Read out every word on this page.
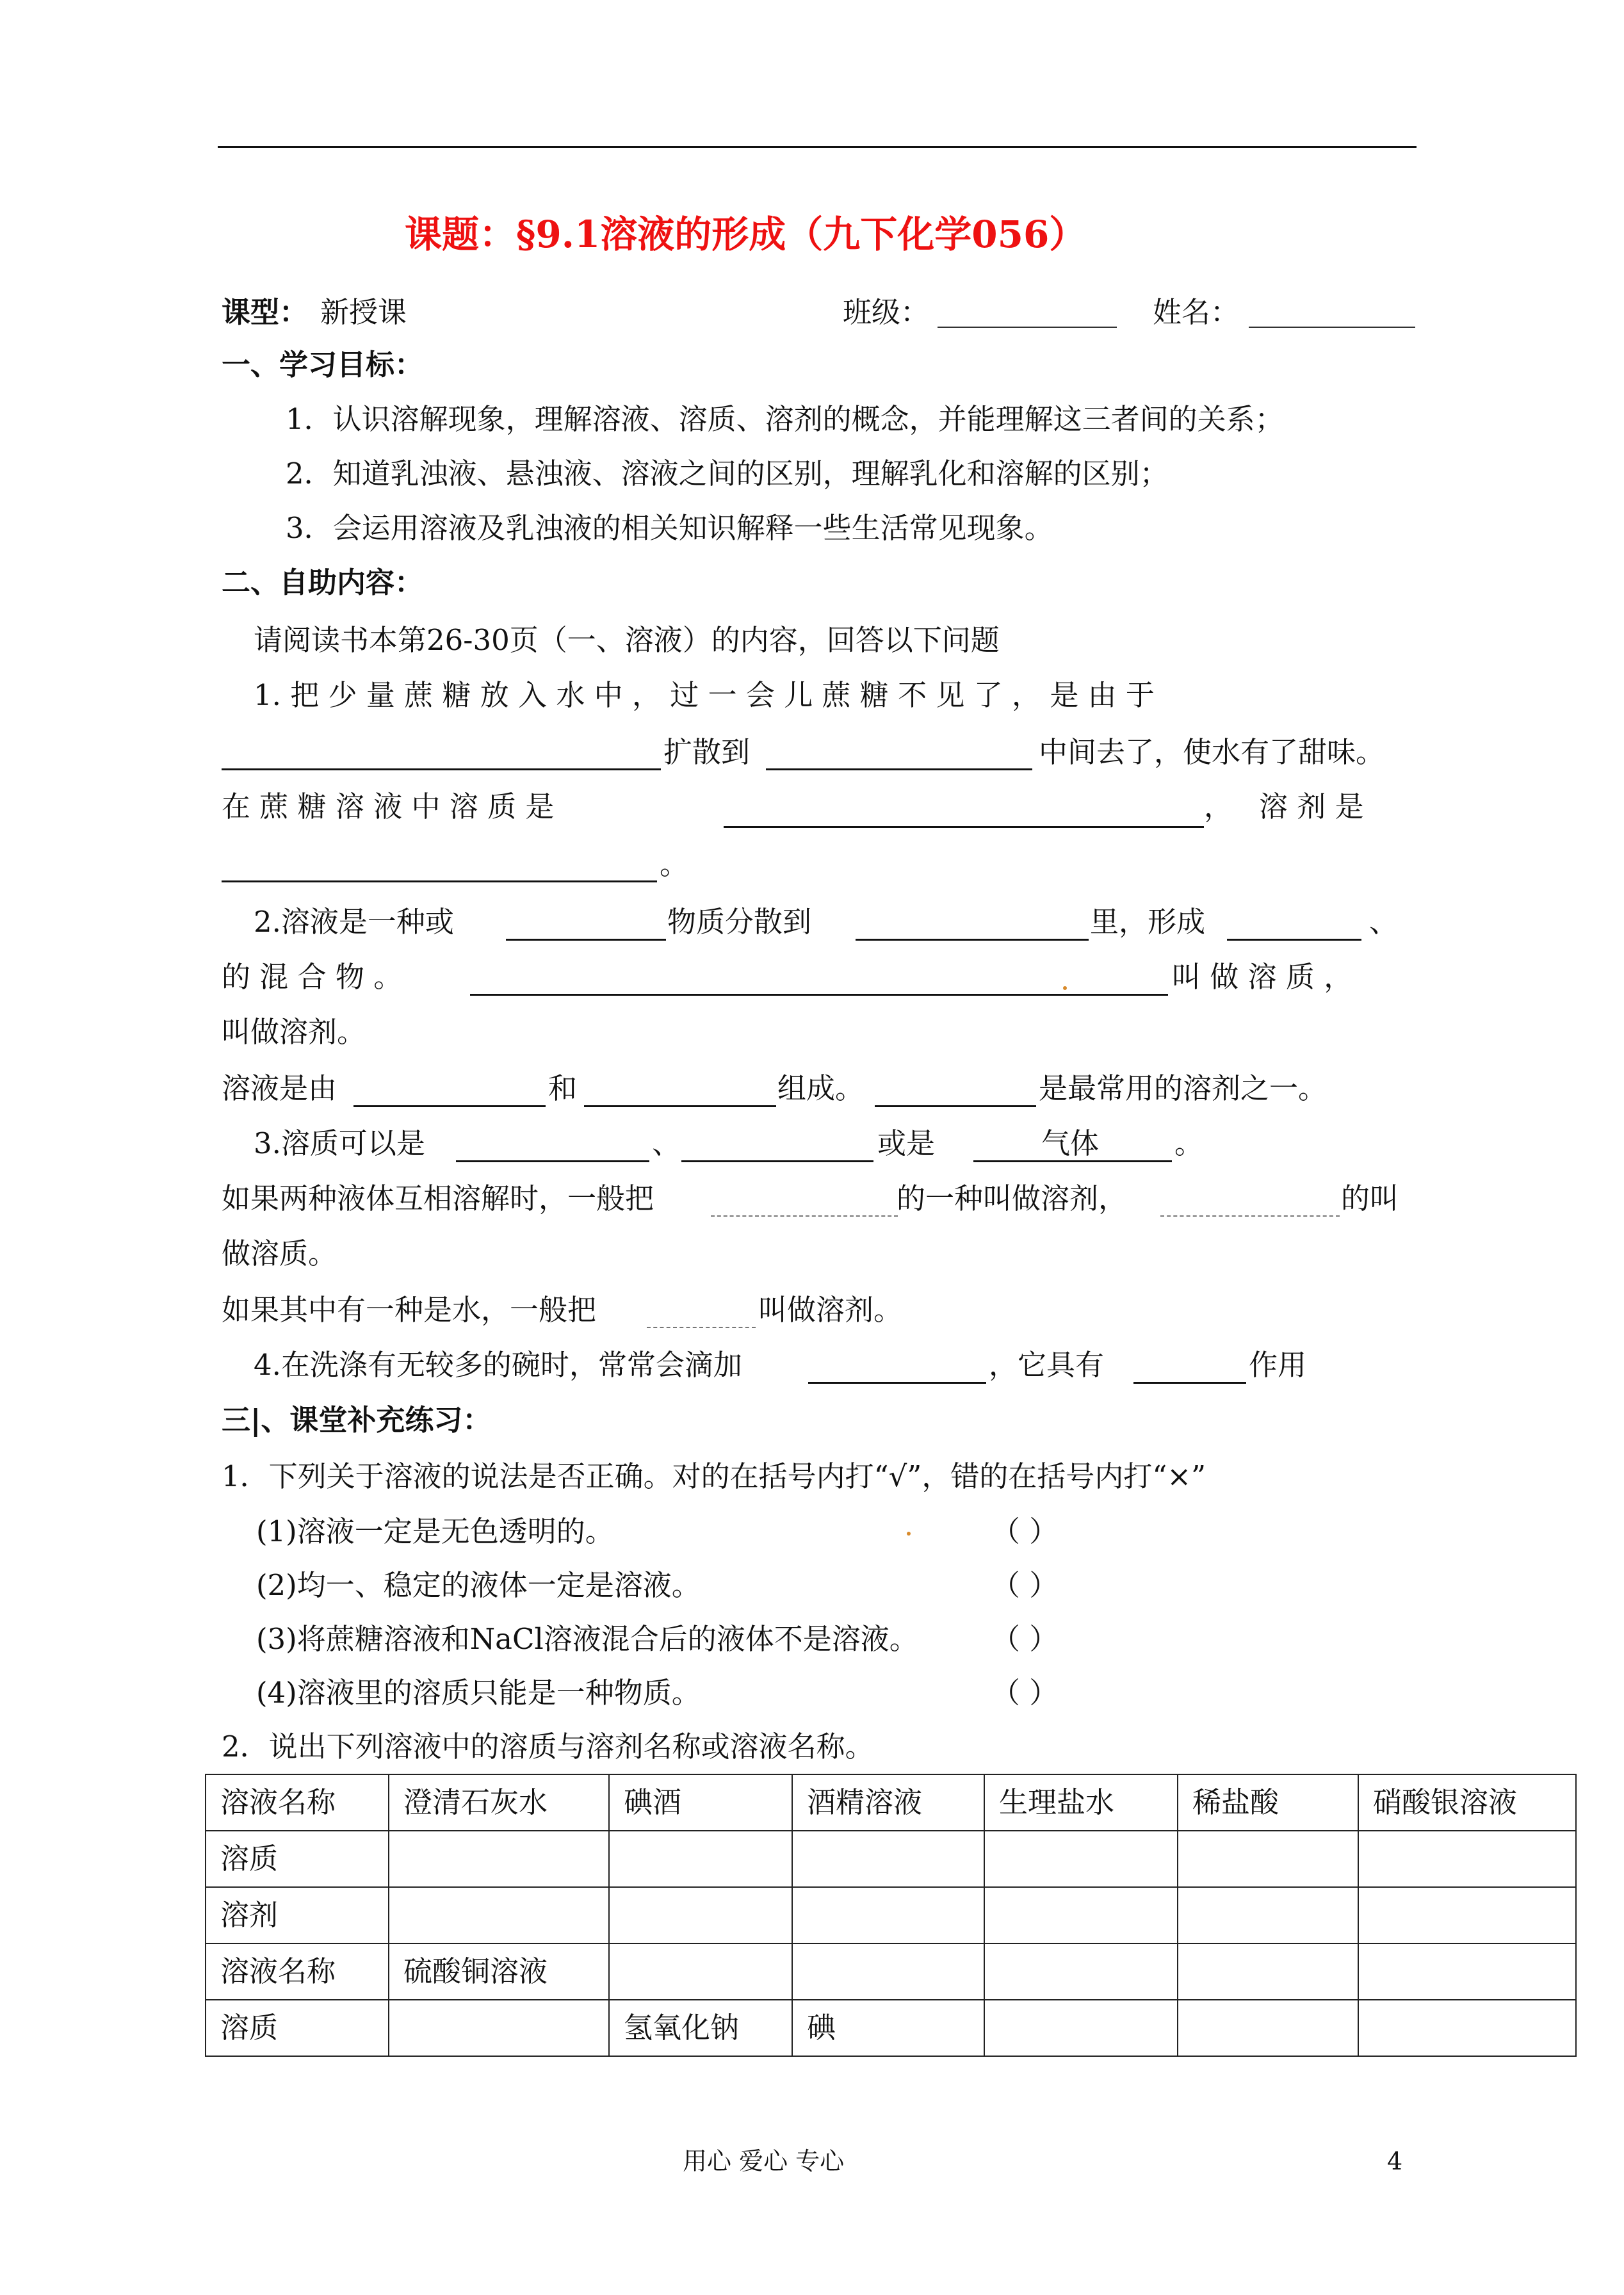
课题：§9.1溶液的形成（九下化学056）
课型： 新授课	班级：	姓名：
一、学习目标：
1．认识溶解现象，理解溶液、溶质、溶剂的概念，并能理解这三者间的关系；
2．知道乳浊液、悬浊液、溶液之间的区别，理解乳化和溶解的区别；
3．会运用溶液及乳浊液的相关知识解释一些生活常见现象。
二、自助内容：
请阅读书本第26-30页（一、溶液）的内容，回答以下问题
1. 把 少 量 蔗 糖 放 入 水 中 ， 过 一 会 儿 蔗 糖 不 见 了 ， 是 由 于
扩散到	中间去了，使水有了甜味。
在 蔗 糖 溶 液 中 溶 质 是	， 溶 剂 是
。
2.溶液是一种或	物质分散到	里，形成	、
的 混 合 物 。	叫 做 溶 质 ，
叫做溶剂。
溶液是由	和	组成。	是最常用的溶剂之一。
3.溶质可以是	、	或是	气体	。
如果两种液体互相溶解时，一般把	的一种叫做溶剂，	的叫
做溶质。
如果其中有一种是水，一般把	叫做溶剂。
4.在洗涤有无较多的碗时，常常会滴加	，它具有	作用
三|、课堂补充练习：
1．下列关于溶液的说法是否正确。对的在括号内打“√”，错的在括号内打“×”
(1)溶液一定是无色透明的。	（ ）
(2)均一、稳定的液体一定是溶液。	（ ）
(3)将蔗糖溶液和NaCl溶液混合后的液体不是溶液。	（ ）
(4)溶液里的溶质只能是一种物质。	（ ）
2．说出下列溶液中的溶质与溶剂名称或溶液名称。
溶液名称	澄清石灰水	碘酒	酒精溶液	生理盐水	稀盐酸	硝酸银溶液
溶质						
溶剂						
溶液名称	硫酸铜溶液					
溶质		氢氧化钠	碘			
用心 爱心 专心	4
